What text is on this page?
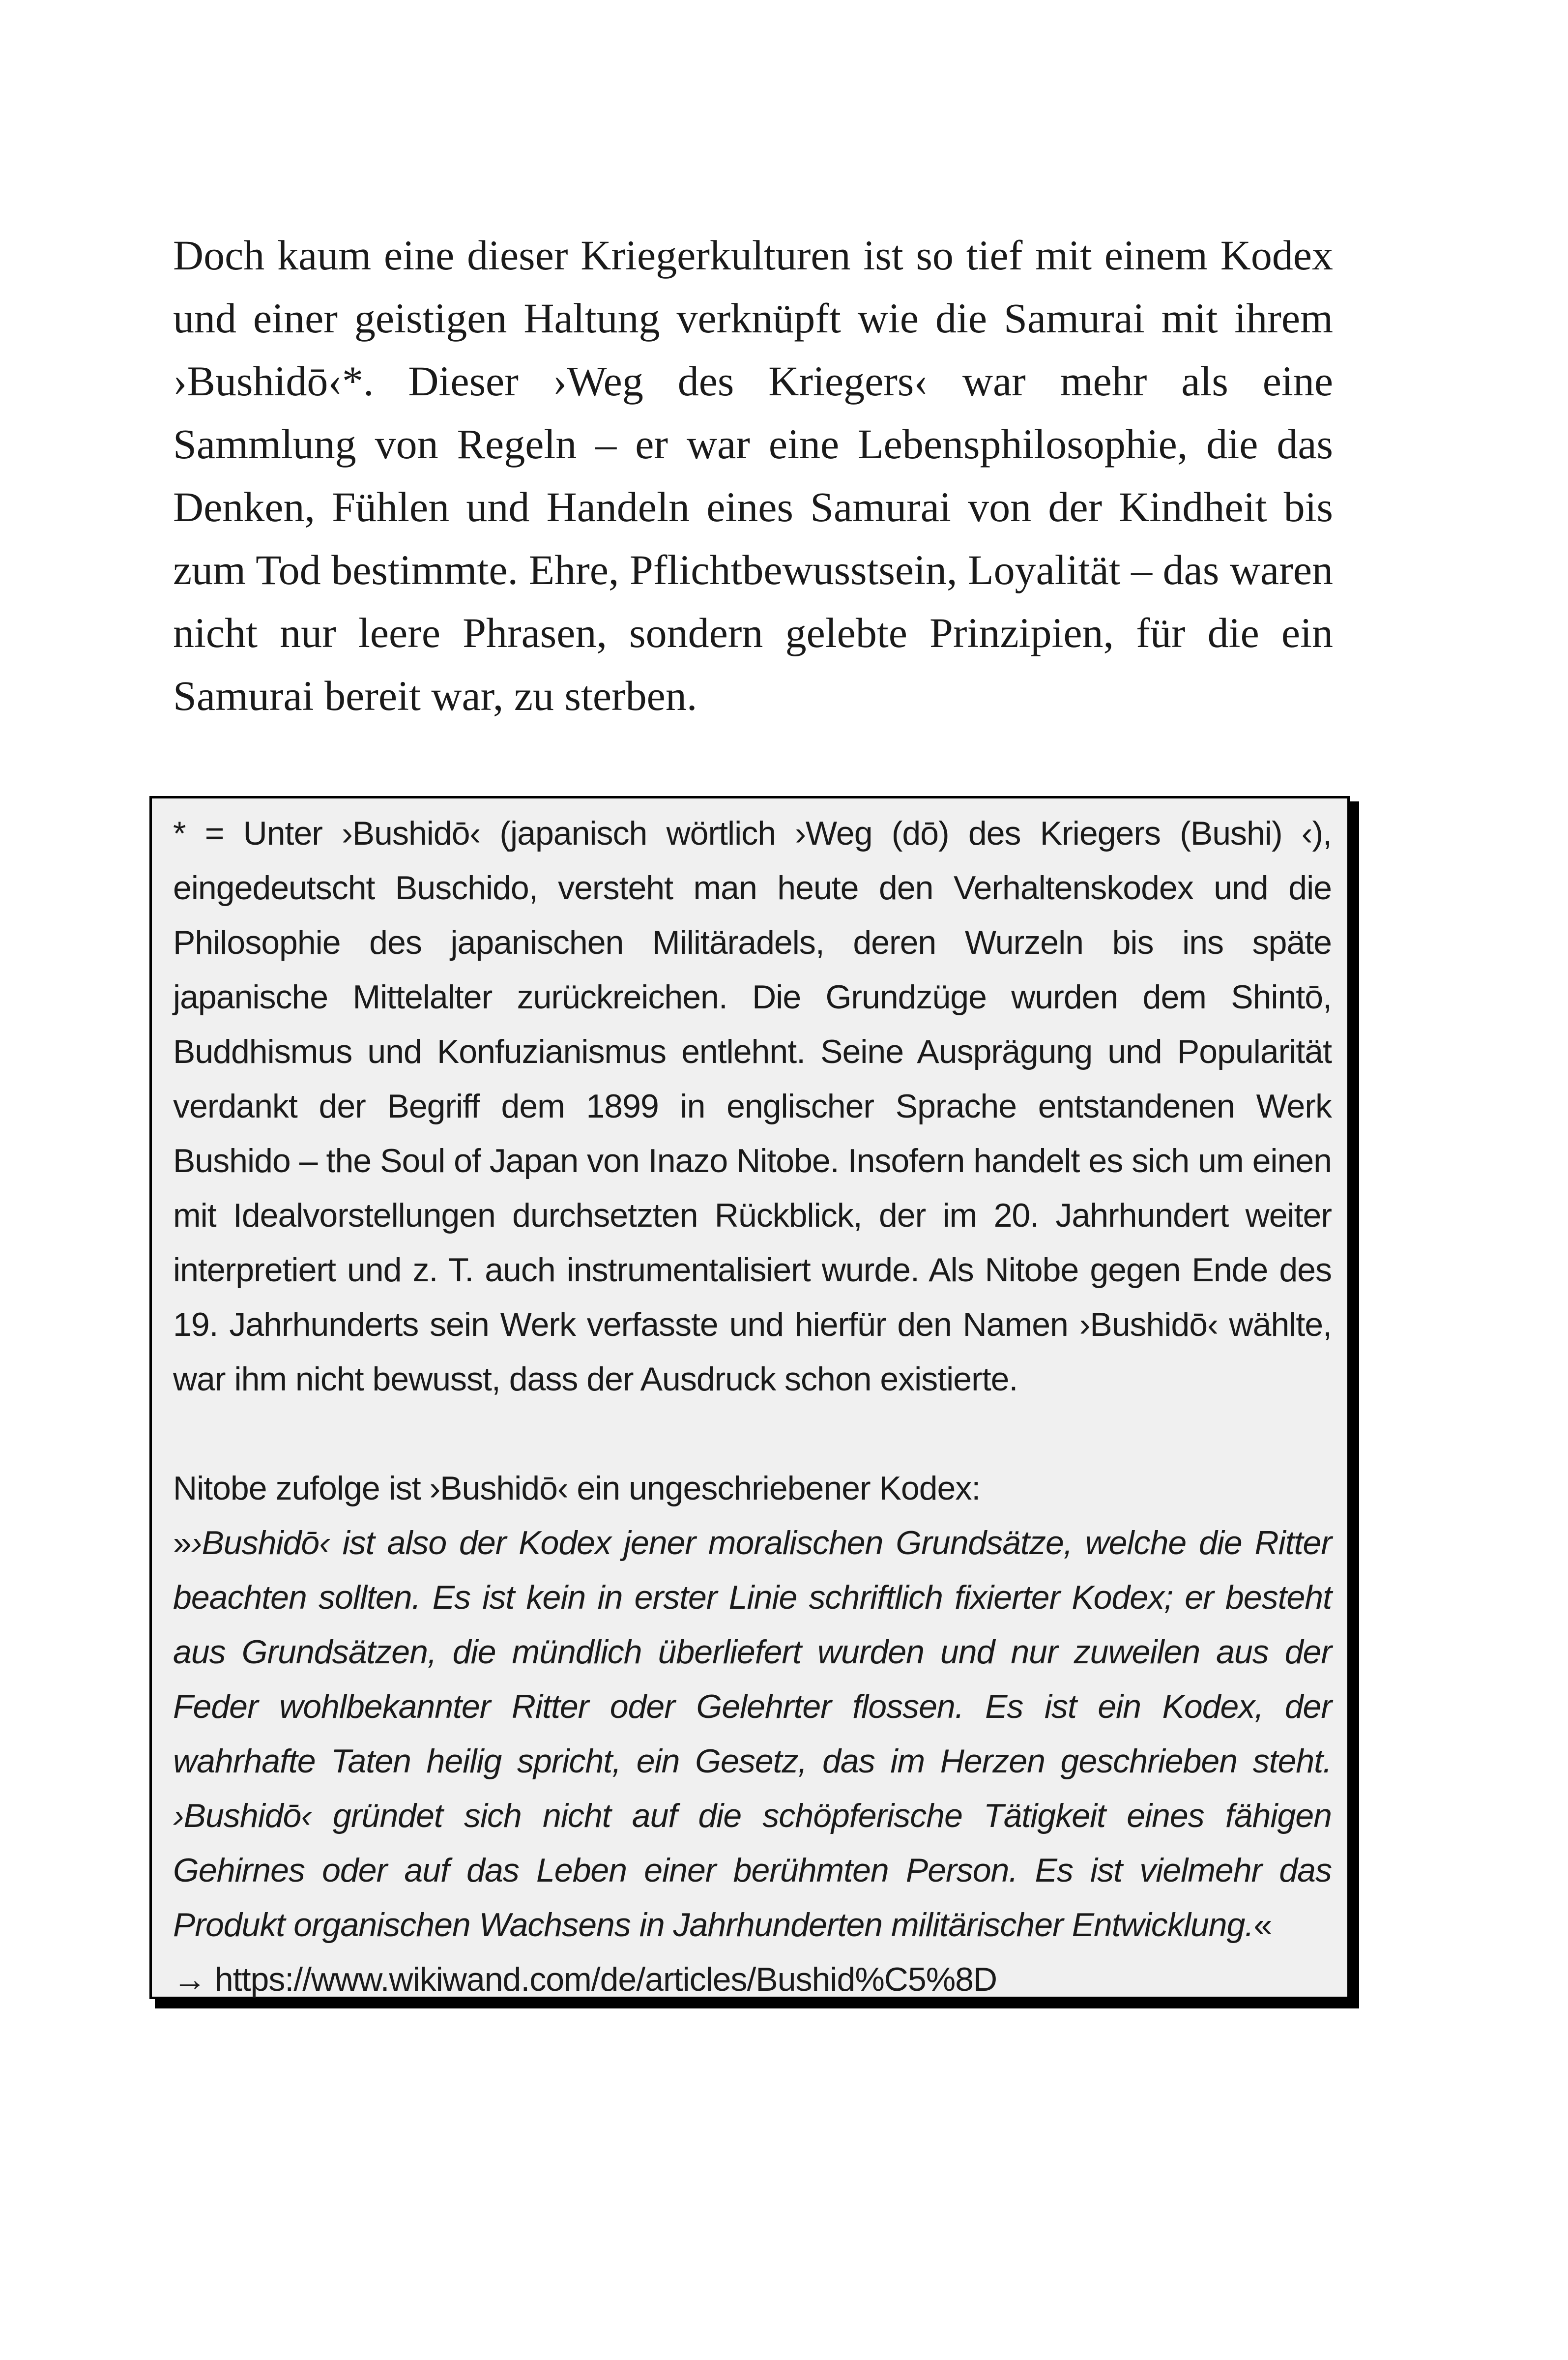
Doch kaum eine dieser Kriegerkulturen ist so tief mit einem Kodex und einer geistigen Haltung verknüpft wie die Samurai mit ihrem ›Bushidō‹*. Dieser ›Weg des Kriegers‹ war mehr als eine Sammlung von Regeln – er war eine Lebensphilosophie, die das Denken, Fühlen und Handeln eines Samurai von der Kindheit bis zum Tod bestimmte. Ehre, Pflichtbewusstsein, Loyalität – das waren nicht nur leere Phrasen, sondern gelebte Prinzipien, für die ein Samurai bereit war, zu sterben.

* = Unter ›Bushidō‹ (japanisch wörtlich ›Weg (dō) des Kriegers (Bushi) ‹), eingedeutscht Buschido, versteht man heute den Verhaltenskodex und die Philosophie des japanischen Militäradels, deren Wurzeln bis ins späte japanische Mittelalter zurückreichen. Die Grundzüge wurden dem Shintō, Buddhismus und Konfuzianismus entlehnt. Seine Ausprägung und Popularität verdankt der Begriff dem 1899 in englischer Sprache entstandenen Werk Bushido – the Soul of Japan von Inazo Nitobe. Insofern handelt es sich um einen mit Idealvorstellungen durchsetzten Rückblick, der im 20. Jahrhundert weiter interpretiert und z. T. auch instrumentalisiert wurde. Als Nitobe gegen Ende des 19. Jahrhunderts sein Werk verfasste und hierfür den Namen ›Bushidō‹ wählte, war ihm nicht bewusst, dass der Ausdruck schon existierte.

Nitobe zufolge ist ›Bushidō‹ ein ungeschriebener Kodex:

»›Bushidō‹ ist also der Kodex jener moralischen Grundsätze, welche die Ritter beachten sollten. Es ist kein in erster Linie schriftlich fixierter Kodex; er besteht aus Grundsätzen, die mündlich überliefert wurden und nur zuweilen aus der Feder wohlbekannter Ritter oder Gelehrter flossen. Es ist ein Kodex, der wahrhafte Taten heilig spricht, ein Gesetz, das im Herzen geschrieben steht. ›Bushidō‹ gründet sich nicht auf die schöpferische Tätigkeit eines fähigen Gehirnes oder auf das Leben einer berühmten Person. Es ist vielmehr das Produkt organischen Wachsens in Jahrhunderten militärischer Entwicklung.«

→ https://www.wikiwand.com/de/articles/Bushid%C5%8D
